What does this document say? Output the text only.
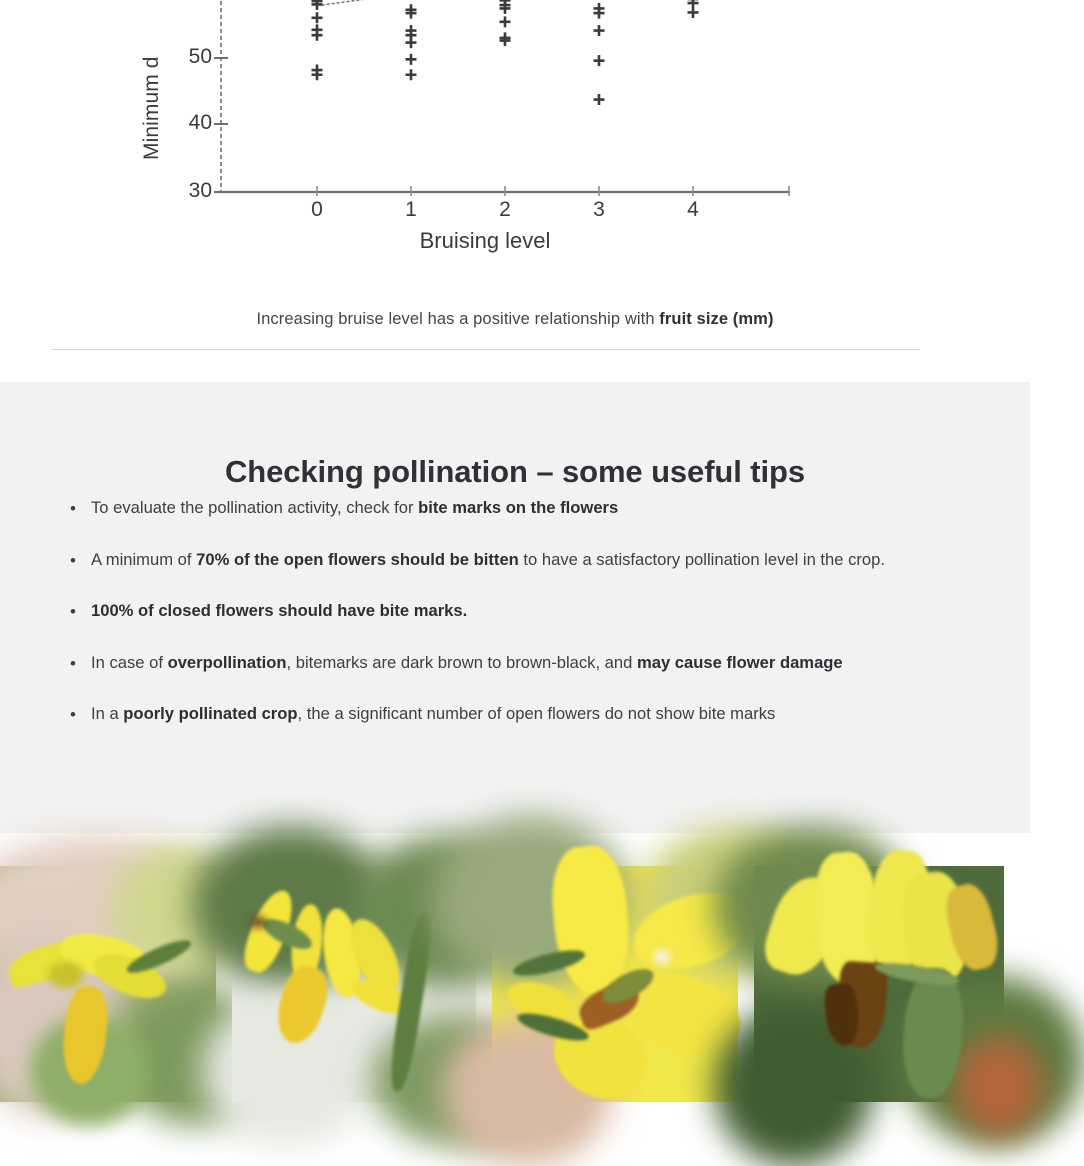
Minimum d
0	1	2	3	4
50
40
30
Bruising level
Increasing bruise level has a positive relationship with fruit size (mm)
Checking pollination – some useful tips
• To evaluate the pollination activity, check for bite marks on the flowers
• A minimum of 70% of the open flowers should be bitten to have a satisfactory pollination level in the crop.
• 100% of closed flowers should have bite marks.
• In case of overpollination, bitemarks are dark brown to brown-black, and may cause flower damage
• In a poorly pollinated crop, the a significant number of open flowers do not show bite marks
